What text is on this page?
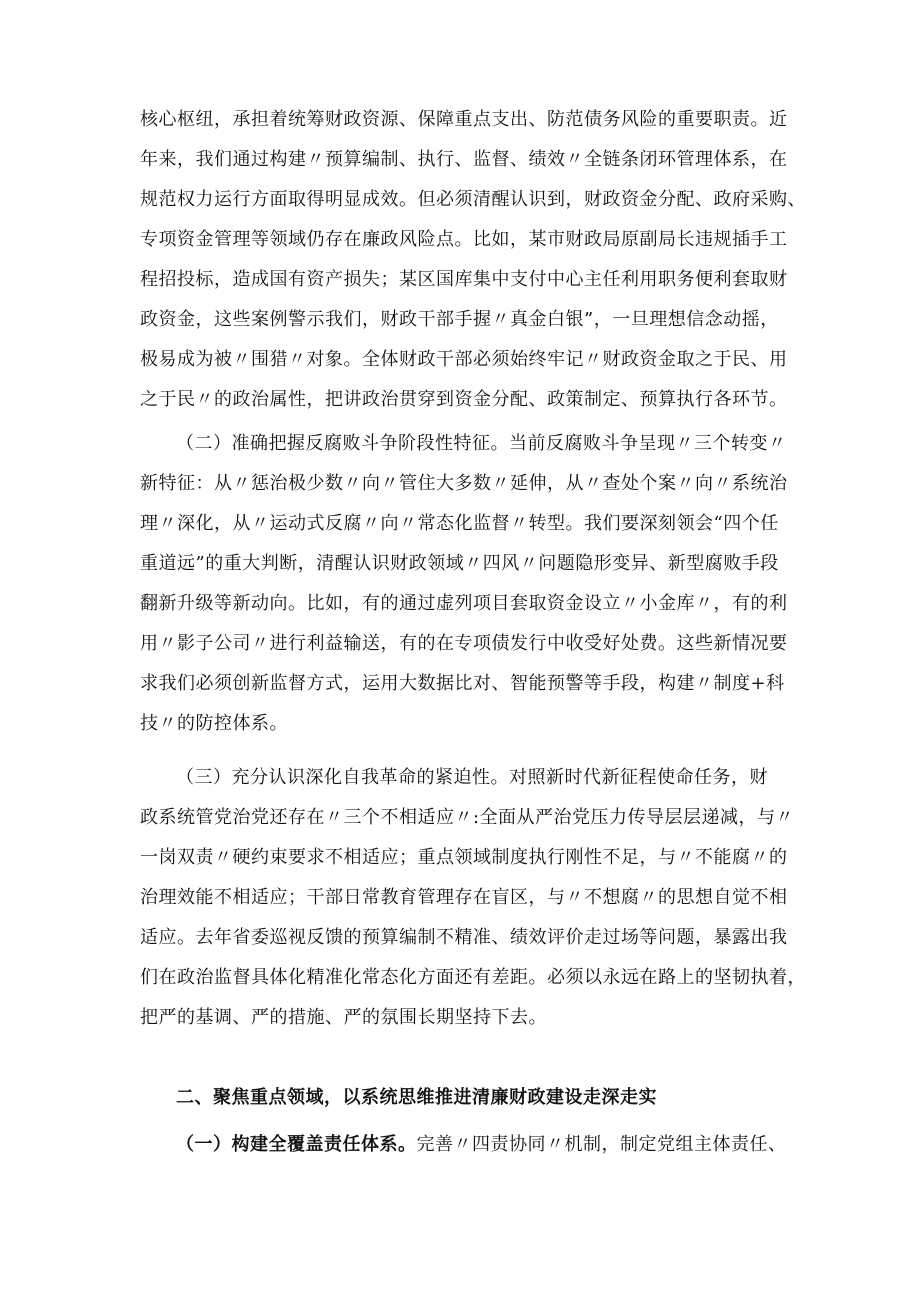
核心枢纽，承担着统筹财政资源、保障重点支出、防范债务风险的重要职责。近
年来，我们通过构建〃预算编制、执行、监督、绩效〃全链条闭环管理体系，在
规范权力运行方面取得明显成效。但必须清醒认识到，财政资金分配、政府采购、
专项资金管理等领域仍存在廉政风险点。比如，某市财政局原副局长违规插手工
程招投标，造成国有资产损失；某区国库集中支付中心主任利用职务便利套取财
政资金，这些案例警示我们，财政干部手握〃真金白银”，一旦理想信念动摇，
极易成为被〃围猎〃对象。全体财政干部必须始终牢记〃财政资金取之于民、用
之于民〃的政治属性，把讲政治贯穿到资金分配、政策制定、预算执行各环节。
（二）准确把握反腐败斗争阶段性特征。当前反腐败斗争呈现〃三个转变〃
新特征：从〃惩治极少数〃向〃管住大多数〃延伸，从〃查处个案〃向〃系统治
理〃深化，从〃运动式反腐〃向〃常态化监督〃转型。我们要深刻领会“四个任
重道远”的重大判断，清醒认识财政领域〃四风〃问题隐形变异、新型腐败手段
翻新升级等新动向。比如，有的通过虚列项目套取资金设立〃小金库〃，有的利
用〃影子公司〃进行利益输送，有的在专项债发行中收受好处费。这些新情况要
求我们必须创新监督方式，运用大数据比对、智能预警等手段，构建〃制度+科
技〃的防控体系。
（三）充分认识深化自我革命的紧迫性。对照新时代新征程使命任务，财
政系统管党治党还存在〃三个不相适应〃:全面从严治党压力传导层层递减，与〃
一岗双责〃硬约束要求不相适应；重点领域制度执行刚性不足，与〃不能腐〃的
治理效能不相适应；干部日常教育管理存在盲区，与〃不想腐〃的思想自觉不相
适应。去年省委巡视反馈的预算编制不精准、绩效评价走过场等问题，暴露出我
们在政治监督具体化精准化常态化方面还有差距。必须以永远在路上的坚韧执着，
把严的基调、严的措施、严的氛围长期坚持下去。
二、聚焦重点领域，以系统思维推进清廉财政建设走深走实
（一）构建全覆盖责任体系。完善〃四责协同〃机制，制定党组主体责任、
